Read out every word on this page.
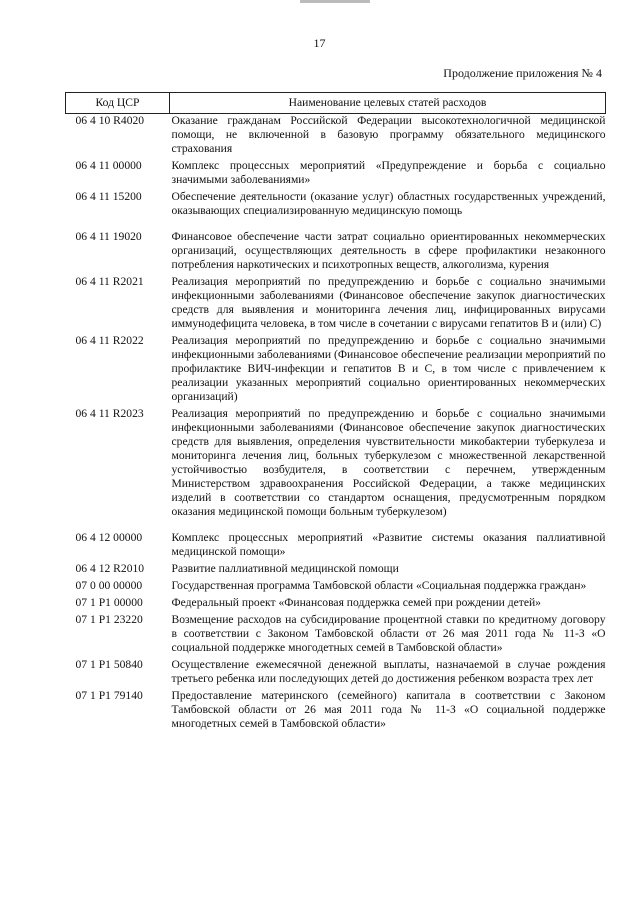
17
Продолжение приложения № 4
Код ЦСР	Наименование целевых статей расходов
06 4 10 R4020	Оказание гражданам Российской Федерации высокотехнологичной медицинской помощи, не включенной в базовую программу обязательного медицинского страхования
06 4 11 00000	Комплекс процессных мероприятий «Предупреждение и борьба с социально значимыми заболеваниями»
06 4 11 15200	Обеспечение деятельности (оказание услуг) областных государственных учреждений, оказывающих специализированную медицинскую помощь
06 4 11 19020	Финансовое обеспечение части затрат социально ориентированных некоммерческих организаций, осуществляющих деятельность в сфере профилактики незаконного потребления наркотических и психотропных веществ, алкоголизма, курения
06 4 11 R2021	Реализация мероприятий по предупреждению и борьбе с социально значимыми инфекционными заболеваниями (Финансовое обеспечение закупок диагностических средств для выявления и мониторинга лечения лиц, инфицированных вирусами иммунодефицита человека, в том числе в сочетании с вирусами гепатитов B и (или) C)
06 4 11 R2022	Реализация мероприятий по предупреждению и борьбе с социально значимыми инфекционными заболеваниями (Финансовое обеспечение реализации мероприятий по профилактике ВИЧ-инфекции и гепатитов B и C, в том числе с привлечением к реализации указанных мероприятий социально ориентированных некоммерческих организаций)
06 4 11 R2023	Реализация мероприятий по предупреждению и борьбе с социально значимыми инфекционными заболеваниями (Финансовое обеспечение закупок диагностических средств для выявления, определения чувствительности микобактерии туберкулеза и мониторинга лечения лиц, больных туберкулезом с множественной лекарственной устойчивостью возбудителя, в соответствии с перечнем, утвержденным Министерством здравоохранения Российской Федерации, а также медицинских изделий в соответствии со стандартом оснащения, предусмотренным порядком оказания медицинской помощи больным туберкулезом)
06 4 12 00000	Комплекс процессных мероприятий «Развитие системы оказания паллиативной медицинской помощи»
06 4 12 R2010	Развитие паллиативной медицинской помощи
07 0 00 00000	Государственная программа Тамбовской области «Социальная поддержка граждан»
07 1 P1 00000	Федеральный проект «Финансовая поддержка семей при рождении детей»
07 1 P1 23220	Возмещение расходов на субсидирование процентной ставки по кредитному договору в соответствии с Законом Тамбовской области от 26 мая 2011 года № 11-З «О социальной поддержке многодетных семей в Тамбовской области»
07 1 P1 50840	Осуществление ежемесячной денежной выплаты, назначаемой в случае рождения третьего ребенка или последующих детей до достижения ребенком возраста трех лет
07 1 P1 79140	Предоставление материнского (семейного) капитала в соответствии с Законом Тамбовской области от 26 мая 2011 года № 11-З «О социальной поддержке многодетных семей в Тамбовской области»
